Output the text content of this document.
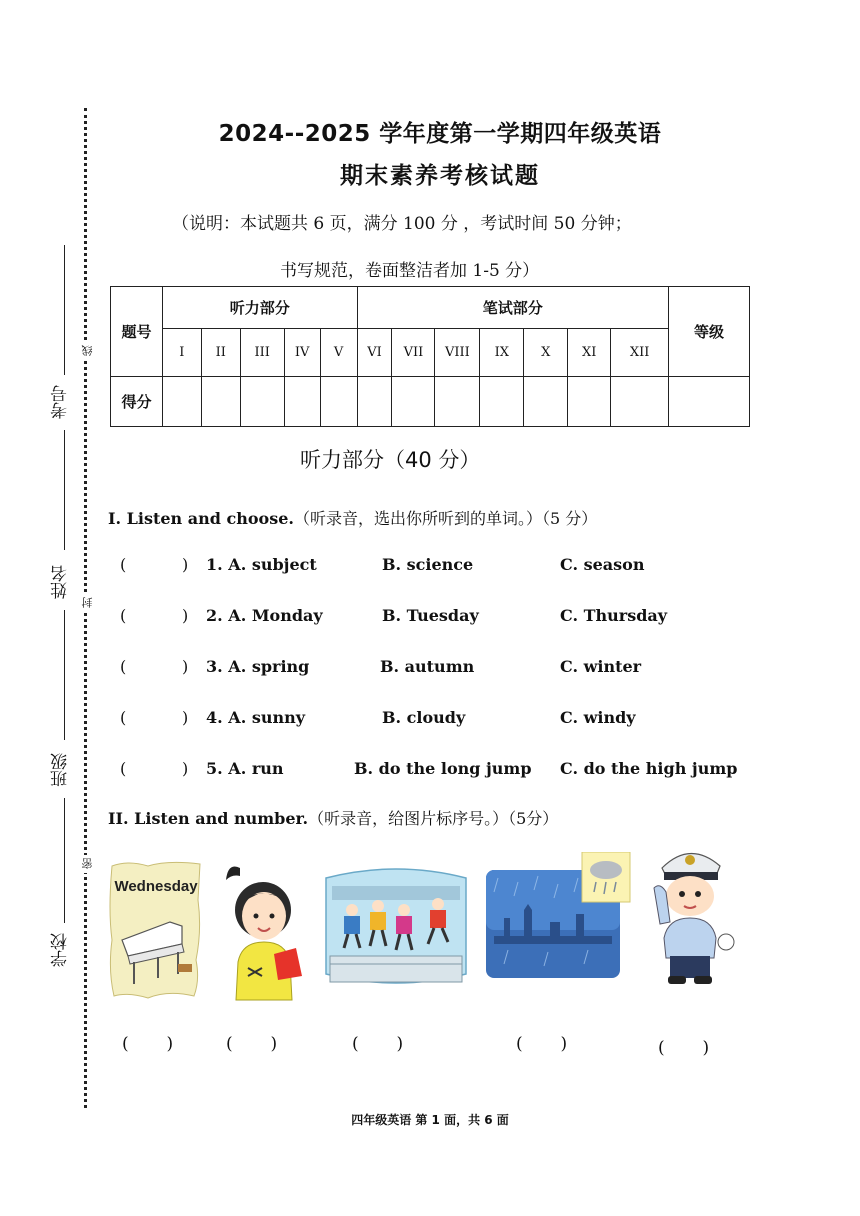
考号
姓名
班级
学校
线
封
密
2024--2025 学年度第一学期四年级英语
期末素养考核试题
（说明：本试题共 6 页，满分 100 分 ，考试时间 50 分钟；
书写规范，卷面整洁者加 1-5 分）
题号	听力部分					笔试部分							等级
	I	II	III	IV	V	VI	VII	VIII	IX	X	XI	XII	
得分													
听力部分（40 分）
I. Listen and choose.（听录音，选出你所听到的单词。）（5 分）
(	) 1. A. subject	B. science	C. season
(	) 2. A. Monday	B. Tuesday	C. Thursday
(	) 3. A. spring	B. autumn	C. winter
(	) 4. A. sunny	B. cloudy	C. windy
(	) 5. A. run	B. do the long jump C. do the high jump
II. Listen and number.（听录音，给图片标序号。）（5分）
Wednesday
(       )	(       )	(       )	(       )	(       )
四年级英语 第 1 面，共 6 面
